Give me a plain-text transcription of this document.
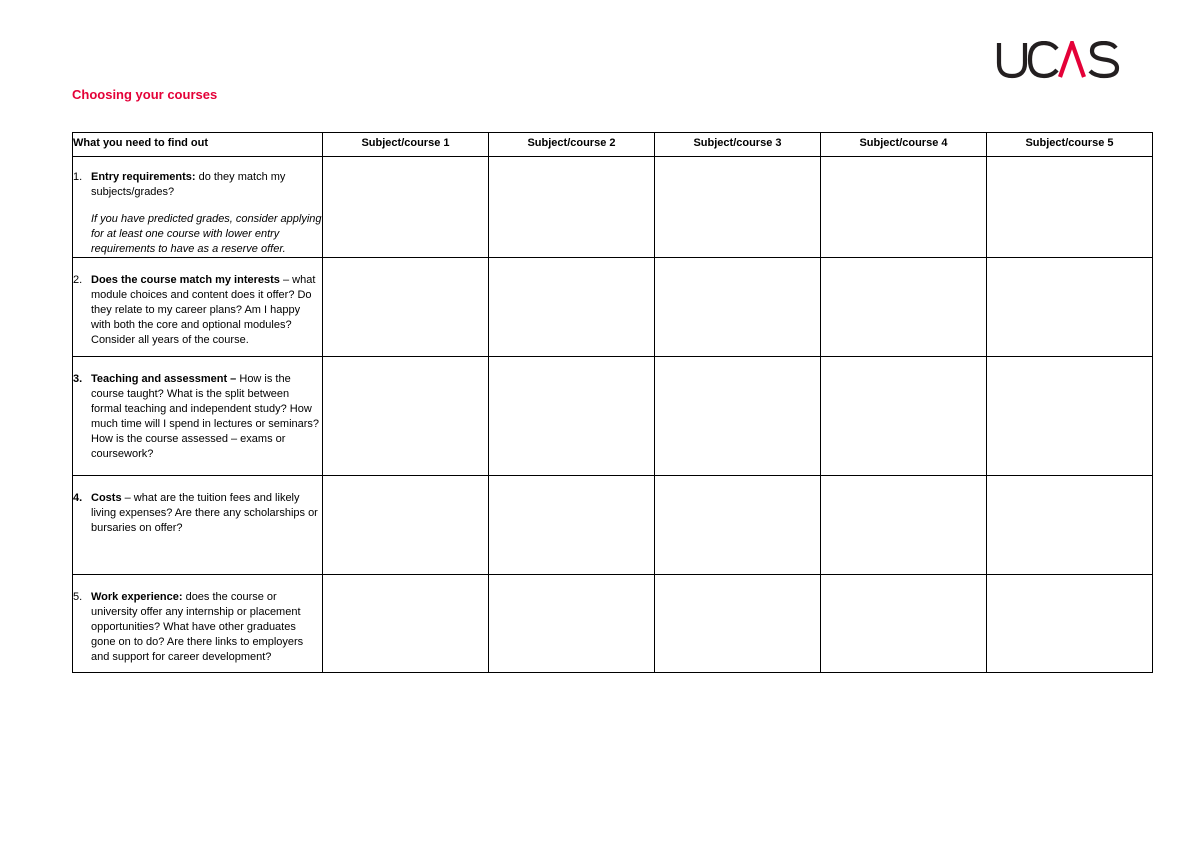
Choosing your courses
What you need to find out	Subject/course 1	Subject/course 2	Subject/course 3	Subject/course 4	Subject/course 5

1. Entry requirements: do they match my subjects/grades?
If you have predicted grades, consider applying for at least one course with lower entry requirements to have as a reserve offer.					

2. Does the course match my interests – what module choices and content does it offer? Do they relate to my career plans? Am I happy with both the core and optional modules? Consider all years of the course.					

3. Teaching and assessment – How is the course taught? What is the split between formal teaching and independent study? How much time will I spend in lectures or seminars? How is the course assessed – exams or coursework?					

4. Costs – what are the tuition fees and likely living expenses? Are there any scholarships or bursaries on offer?					

5. Work experience: does the course or university offer any internship or placement opportunities? What have other graduates gone on to do? Are there links to employers and support for career development?					
